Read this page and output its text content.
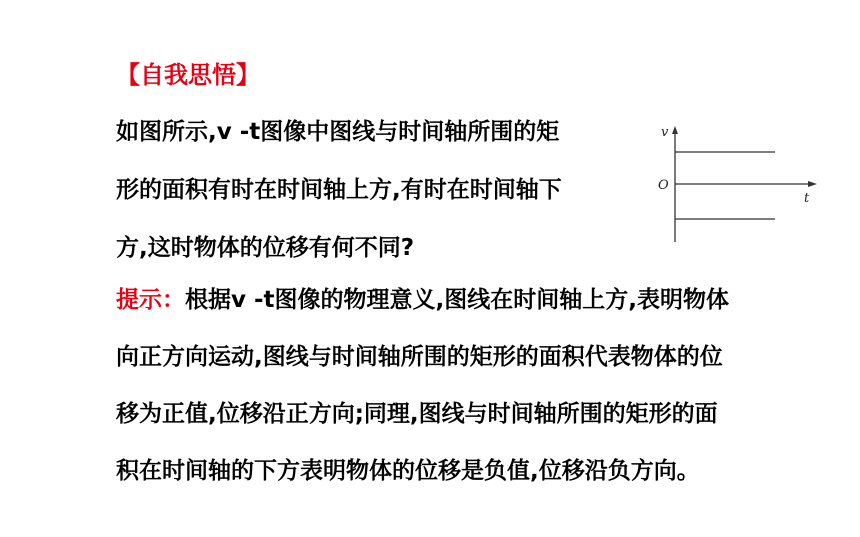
【自我思悟】
如图所示,v -t图像中图线与时间轴所围的矩
形的面积有时在时间轴上方,有时在时间轴下
方,这时物体的位移有何不同?
v
O
t
提示：根据v -t图像的物理意义,图线在时间轴上方,表明物体
向正方向运动,图线与时间轴所围的矩形的面积代表物体的位
移为正值,位移沿正方向;同理,图线与时间轴所围的矩形的面
积在时间轴的下方表明物体的位移是负值,位移沿负方向。
